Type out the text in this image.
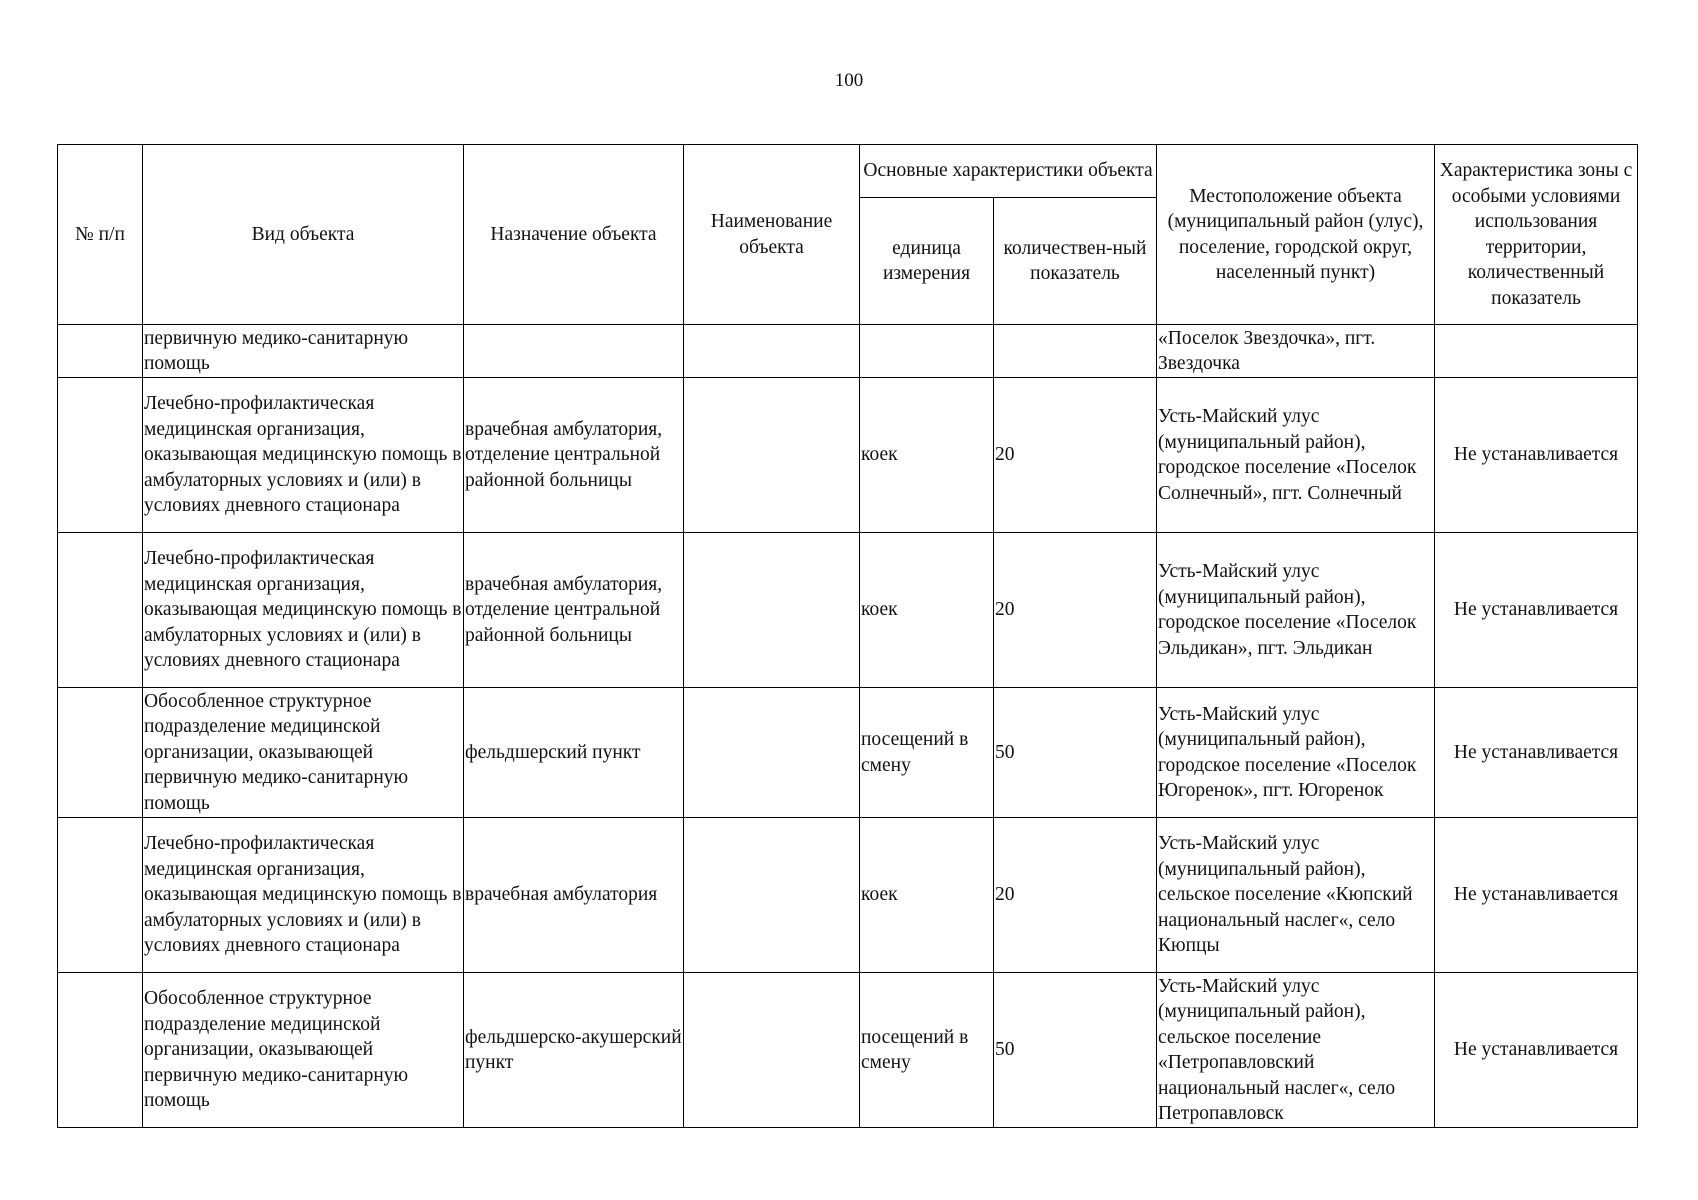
100
№ п/п	Вид объекта	Назначение объекта	Наименование объекта	Основные характеристики объекта		Местоположение объекта (муниципальный район (улус), поселение, городской округ, населенный пункт)	Характеристика зоны с особыми условиями использования территории, количественный показатель
				единица измерения	количествен-ный показатель		
	первичную медико-санитарную помощь					«Поселок Звездочка», пгт. Звездочка	
	Лечебно-профилактическая медицинская организация, оказывающая медицинскую помощь в амбулаторных условиях и (или) в условиях дневного стационара	врачебная амбулатория, отделение центральной районной больницы		коек	20	Усть-Майский улус (муниципальный район), городское поселение «Поселок Солнечный», пгт. Солнечный	Не устанавливается
	Лечебно-профилактическая медицинская организация, оказывающая медицинскую помощь в амбулаторных условиях и (или) в условиях дневного стационара	врачебная амбулатория, отделение центральной районной больницы		коек	20	Усть-Майский улус (муниципальный район), городское поселение «Поселок Эльдикан», пгт. Эльдикан	Не устанавливается
	Обособленное структурное подразделение медицинской организации, оказывающей первичную медико-санитарную помощь	фельдшерский пункт		посещений в смену	50	Усть-Майский улус (муниципальный район), городское поселение «Поселок Югоренок», пгт. Югоренок	Не устанавливается
	Лечебно-профилактическая медицинская организация, оказывающая медицинскую помощь в амбулаторных условиях и (или) в условиях дневного стационара	врачебная амбулатория		коек	20	Усть-Майский улус (муниципальный район), сельское поселение «Кюпский национальный наслег«, село Кюпцы	Не устанавливается
	Обособленное структурное подразделение медицинской организации, оказывающей первичную медико-санитарную помощь	фельдшерско-акушерский пункт		посещений в смену	50	Усть-Майский улус (муниципальный район), сельское поселение «Петропавловский национальный наслег«, село Петропавловск	Не устанавливается
